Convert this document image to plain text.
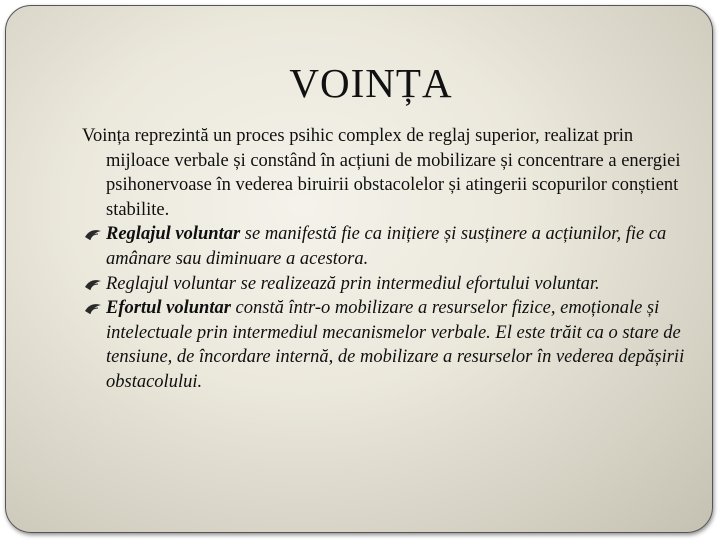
VOINȚA

Voința reprezintă un proces psihic complex de reglaj superior, realizat prin mijloace verbale și constând în acțiuni de mobilizare și concentrare a energiei psihonervoase în vederea biruirii obstacolelor și atingerii scopurilor conștient stabilite.

Reglajul voluntar se manifestă fie ca inițiere și susținere a acțiunilor, fie ca amânare sau diminuare a acestora.
Reglajul voluntar se realizează prin intermediul efortului voluntar.
Efortul voluntar constă într-o mobilizare a resurselor fizice, emoționale și intelectuale prin intermediul mecanismelor verbale. El este trăit ca o stare de tensiune, de încordare internă, de mobilizare a resurselor în vederea depășirii obstacolului.
